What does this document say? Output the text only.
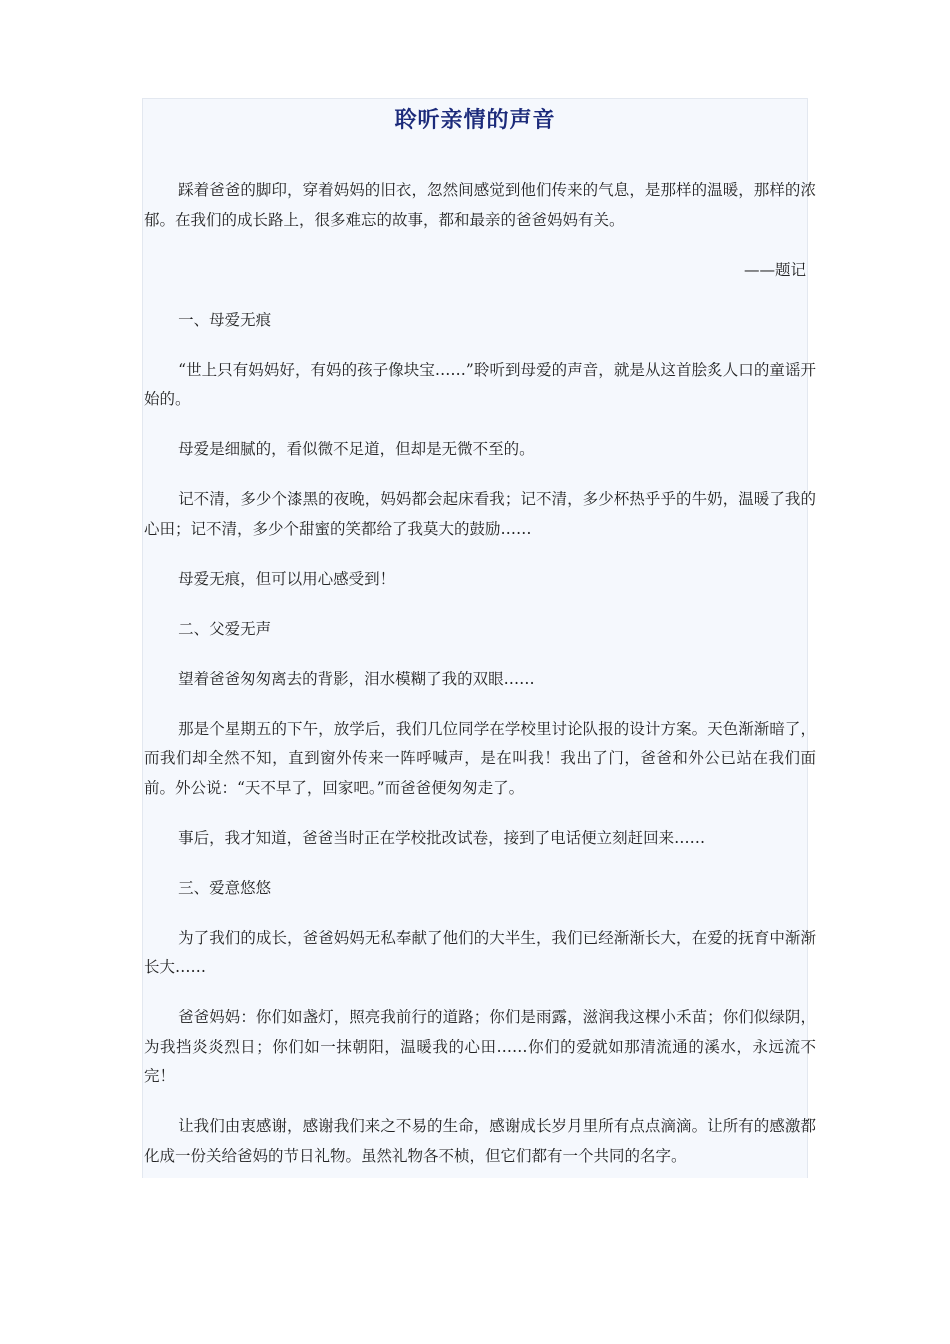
聆听亲情的声音

踩着爸爸的脚印，穿着妈妈的旧衣，忽然间感觉到他们传来的气息，是那样的温暖，那样的浓郁。在我们的成长路上，很多难忘的故事，都和最亲的爸爸妈妈有关。

——题记

一、母爱无痕

“世上只有妈妈好，有妈的孩子像块宝……”聆听到母爱的声音，就是从这首脍炙人口的童谣开始的。

母爱是细腻的，看似微不足道，但却是无微不至的。

记不清，多少个漆黑的夜晚，妈妈都会起床看我；记不清，多少杯热乎乎的牛奶，温暖了我的心田；记不清，多少个甜蜜的笑都给了我莫大的鼓励……

母爱无痕，但可以用心感受到！

二、父爱无声

望着爸爸匆匆离去的背影，泪水模糊了我的双眼……

那是个星期五的下午，放学后，我们几位同学在学校里讨论队报的设计方案。天色渐渐暗了，而我们却全然不知，直到窗外传来一阵呼喊声，是在叫我！我出了门，爸爸和外公已站在我们面前。外公说：“天不早了，回家吧。”而爸爸便匆匆走了。

事后，我才知道，爸爸当时正在学校批改试卷，接到了电话便立刻赶回来……

三、爱意悠悠

为了我们的成长，爸爸妈妈无私奉献了他们的大半生，我们已经渐渐长大，在爱的抚育中渐渐长大……

爸爸妈妈：你们如盏灯，照亮我前行的道路；你们是雨露，滋润我这棵小禾苗；你们似绿阴，为我挡炎炎烈日；你们如一抹朝阳，温暖我的心田……你们的爱就如那清流通的溪水，永远流不完！

让我们由衷感谢，感谢我们来之不易的生命，感谢成长岁月里所有点点滴滴。让所有的感激都化成一份关给爸妈的节日礼物。虽然礼物各不桢，但它们都有一个共同的名字。
